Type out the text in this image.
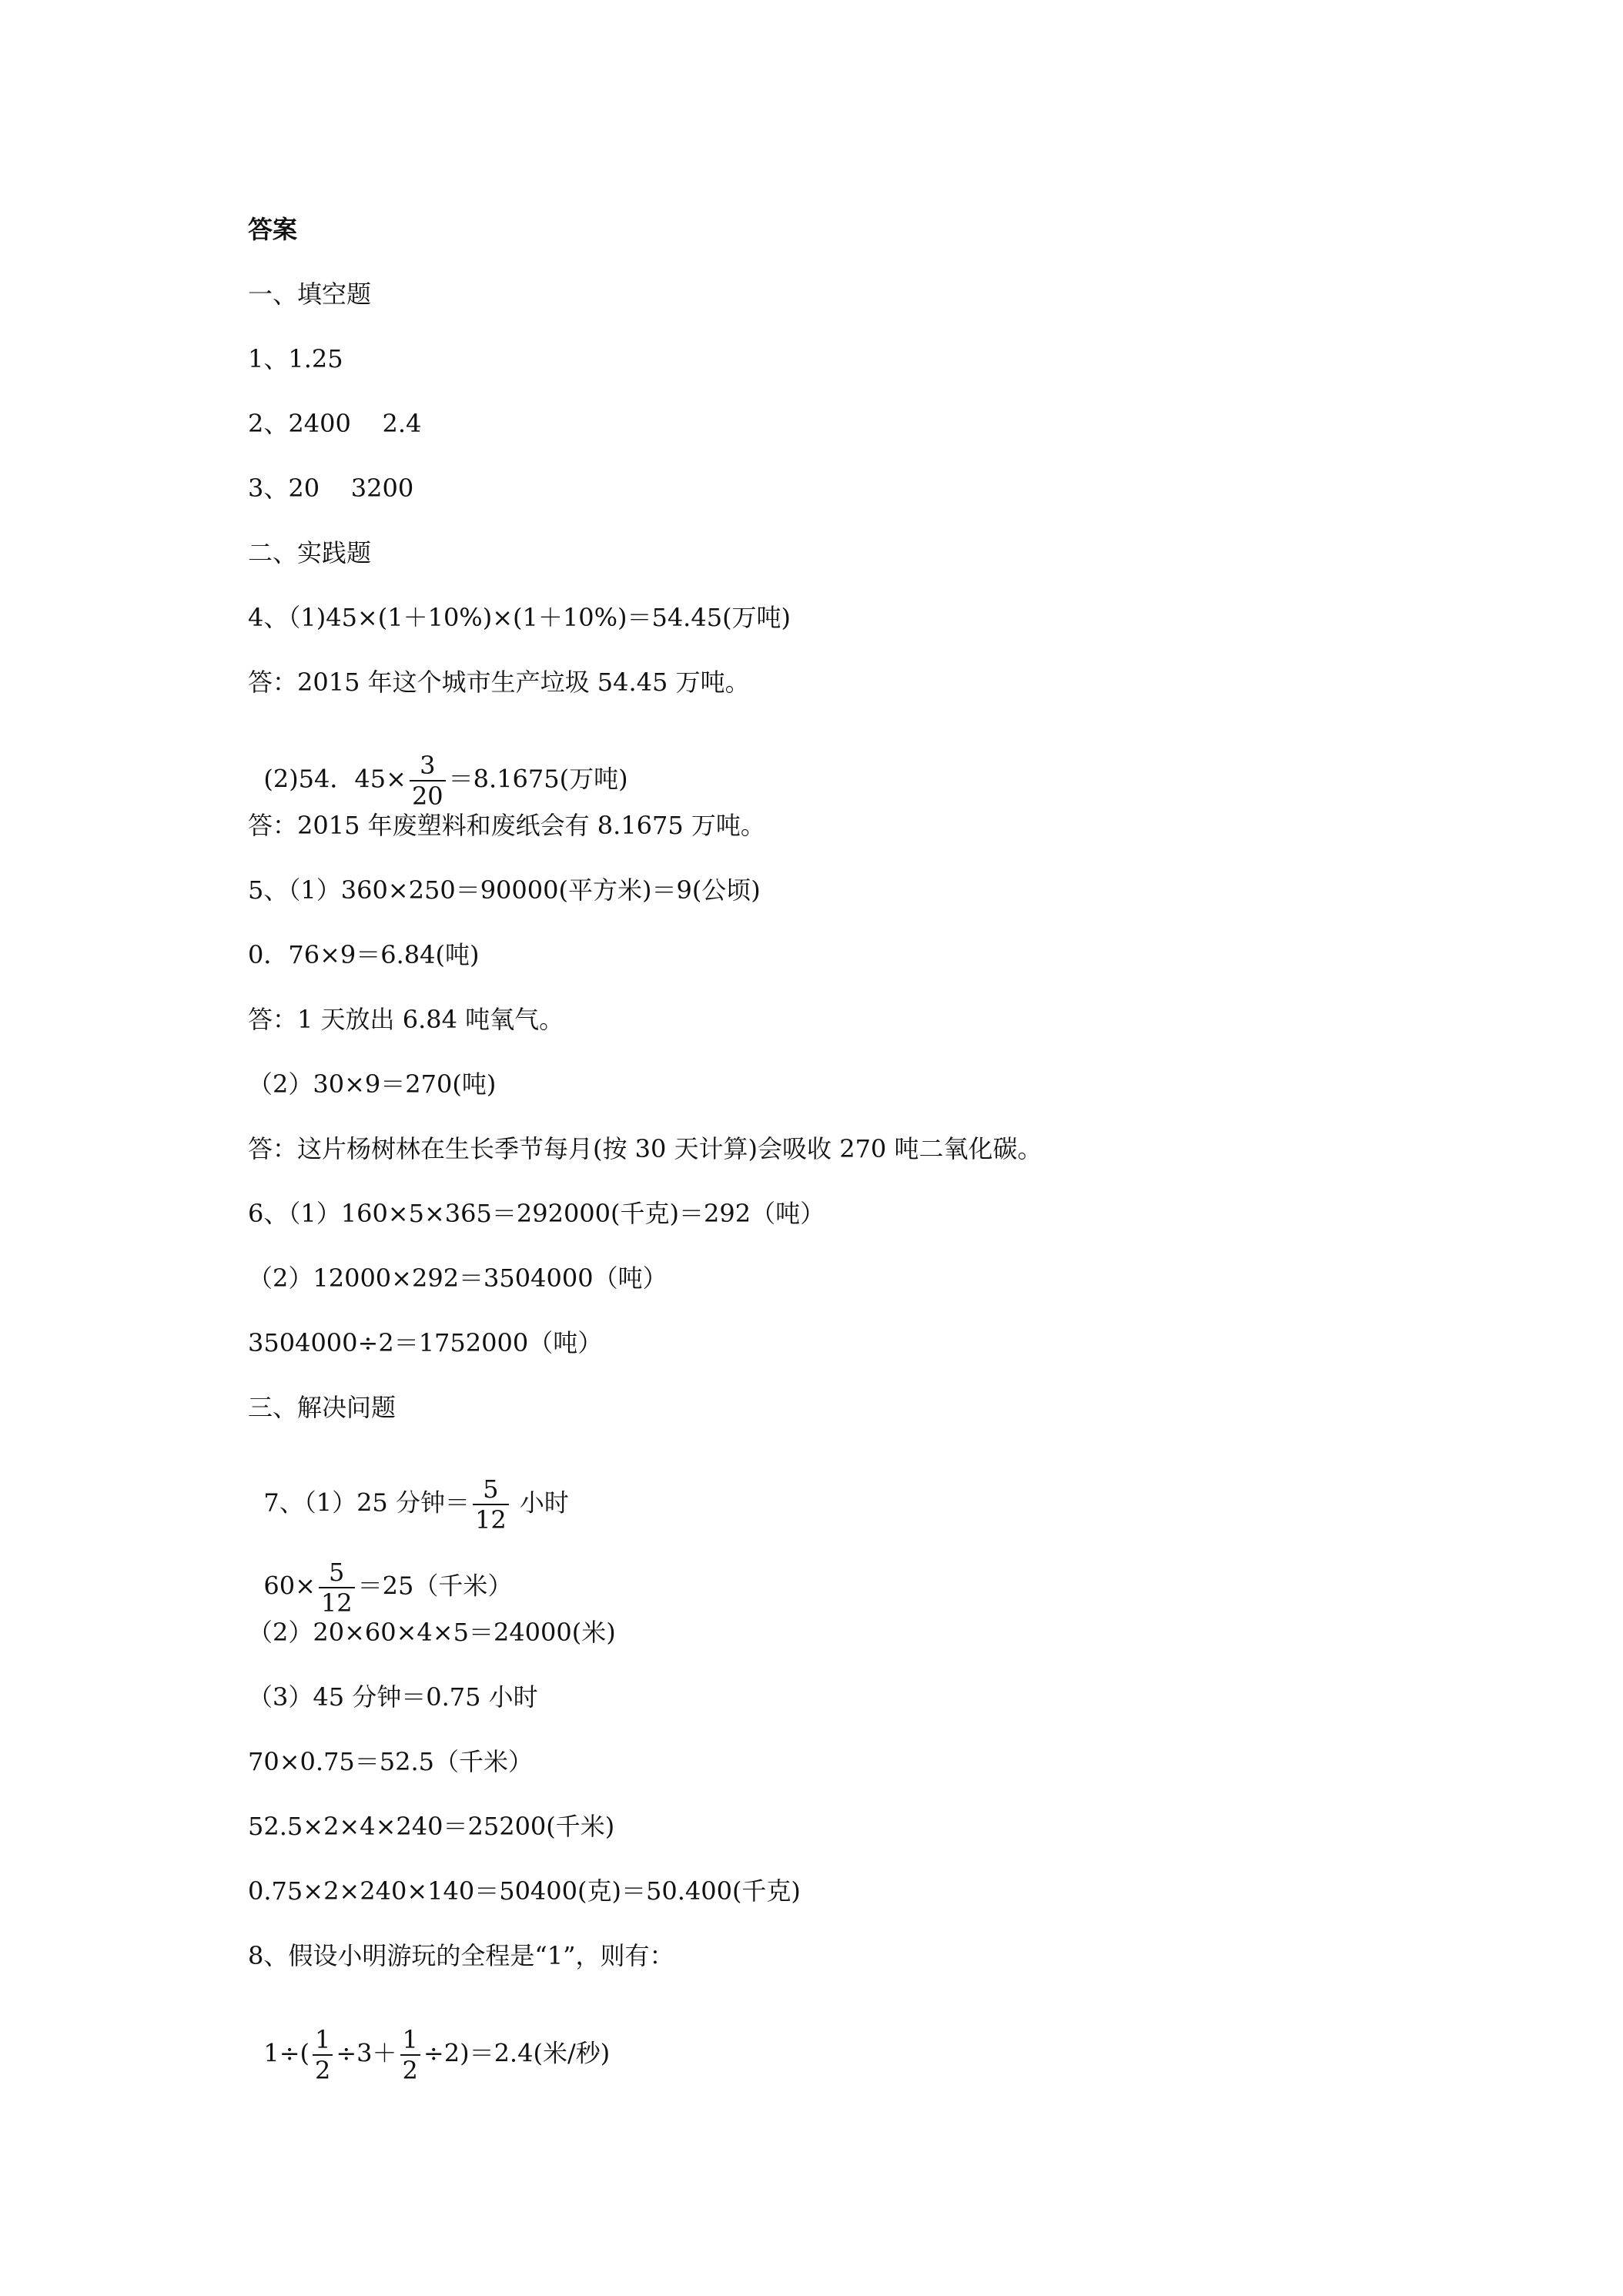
答案
一、填空题
1、1.25
2、2400    2.4
3、20    3200
二、实践题
4、（1)45×(1＋10%)×(1＋10%)＝54.45(万吨)
答：2015 年这个城市生产垃圾 54.45 万吨。

(2)54．$45\times \frac{3}{20} =8.1675$(万吨)

答：2015 年废塑料和废纸会有 8.1675 万吨。
5、（1）360×250＝90000(平方米)＝9(公顷)
0．76×9＝6.84(吨)
答：1 天放出 6.84 吨氧气。
（2）30×9＝270(吨)
答：这片杨树林在生长季节每月(按 30 天计算)会吸收 270 吨二氧化碳。
6、（1）160×5×365＝292000(千克)＝292（吨）
（2）12000×292＝3504000（吨）
3504000÷2＝1752000（吨）
三、解决问题

7、（1）25 分钟＝ $\frac{5}{12}$ 小时

$60\times \frac{5}{12} =25$（千米）

（2）20×60×4×5＝24000(米)
（3）45 分钟＝0.75 小时
70×0.75＝52.5（千米）
52.5×2×4×240＝25200(千米)
0.75×2×240×140＝50400(克)＝50.400(千克)
8、假设小明游玩的全程是“1”，则有：

$1\div( \frac{1}{2} \div 3+ \frac{1}{2} \div 2)=2.4$(米/秒)
